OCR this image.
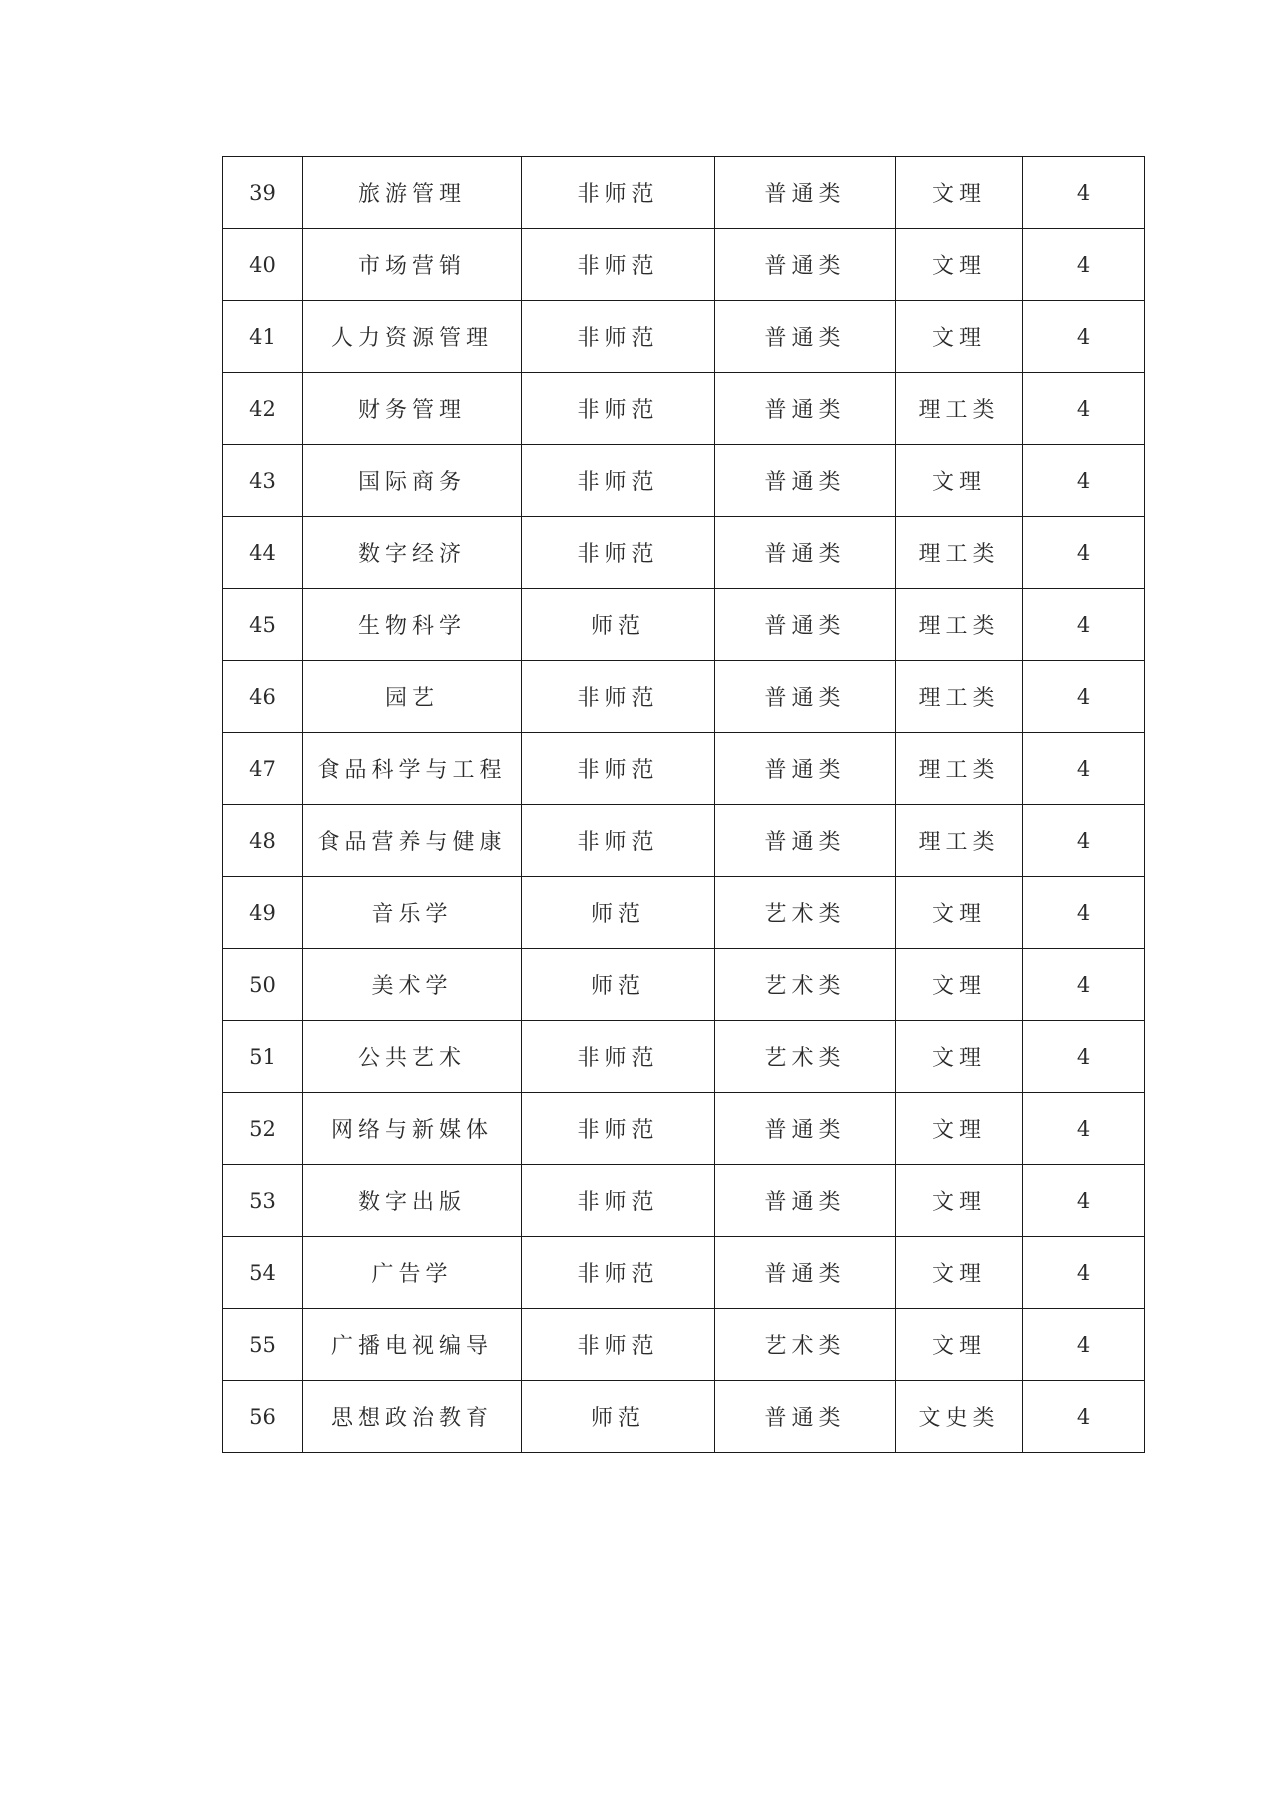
39	旅游管理	非师范	普通类	文理	4
40	市场营销	非师范	普通类	文理	4
41	人力资源管理	非师范	普通类	文理	4
42	财务管理	非师范	普通类	理工类	4
43	国际商务	非师范	普通类	文理	4
44	数字经济	非师范	普通类	理工类	4
45	生物科学	师范	普通类	理工类	4
46	园艺	非师范	普通类	理工类	4
47	食品科学与工程	非师范	普通类	理工类	4
48	食品营养与健康	非师范	普通类	理工类	4
49	音乐学	师范	艺术类	文理	4
50	美术学	师范	艺术类	文理	4
51	公共艺术	非师范	艺术类	文理	4
52	网络与新媒体	非师范	普通类	文理	4
53	数字出版	非师范	普通类	文理	4
54	广告学	非师范	普通类	文理	4
55	广播电视编导	非师范	艺术类	文理	4
56	思想政治教育	师范	普通类	文史类	4
